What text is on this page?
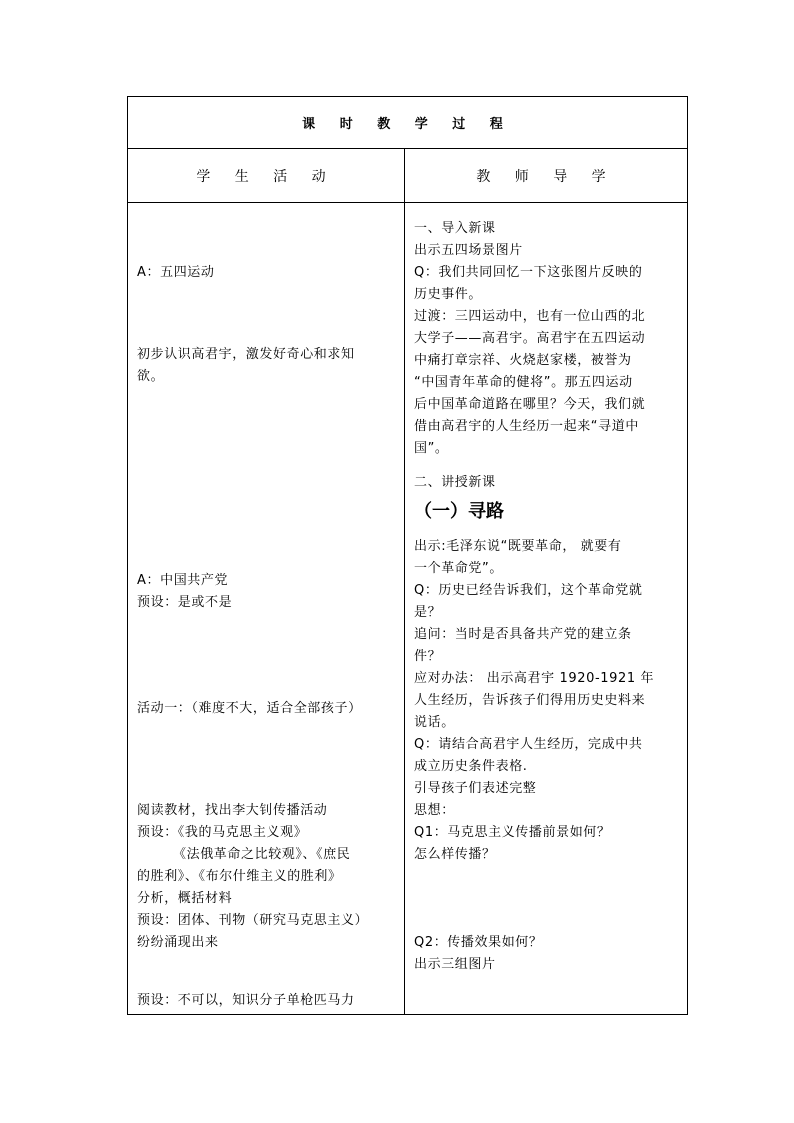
课 时 教 学 过 程
学 生 活 动	教 师 导 学
A：五四运动
初步认识高君宇，激发好奇心和求知
欲。
A：中国共产党
预设：是或不是
活动一：（难度不大，适合全部孩子）
阅读教材，找出李大钊传播活动
预设：《我的马克思主义观》
《法俄革命之比较观》、《庶民
的胜利》、《布尔什维主义的胜利》
分析，概括材料
预设：团体、刊物（研究马克思主义）
纷纷涌现出来
预设：不可以，知识分子单枪匹马力
一、导入新课
出示五四场景图片
Q：我们共同回忆一下这张图片反映的
历史事件。
过渡：三四运动中，也有一位山西的北
大学子——高君宇。高君宇在五四运动
中痛打章宗祥、火烧赵家楼，被誉为
“中国青年革命的健将”。那五四运动
后中国革命道路在哪里？今天，我们就
借由高君宇的人生经历一起来“寻道中
国”。
二、讲授新课
（一）寻路
出示:毛泽东说“既要革命， 就要有
一个革命党”。
Q：历史已经告诉我们，这个革命党就
是？
追问：当时是否具备共产党的建立条
件？
应对办法： 出示高君宇 1920-1921 年
人生经历，告诉孩子们得用历史史料来
说话。
Q：请结合高君宇人生经历，完成中共
成立历史条件表格.
引导孩子们表述完整
思想：
Q1：马克思主义传播前景如何？
怎么样传播？
Q2：传播效果如何？
出示三组图片
